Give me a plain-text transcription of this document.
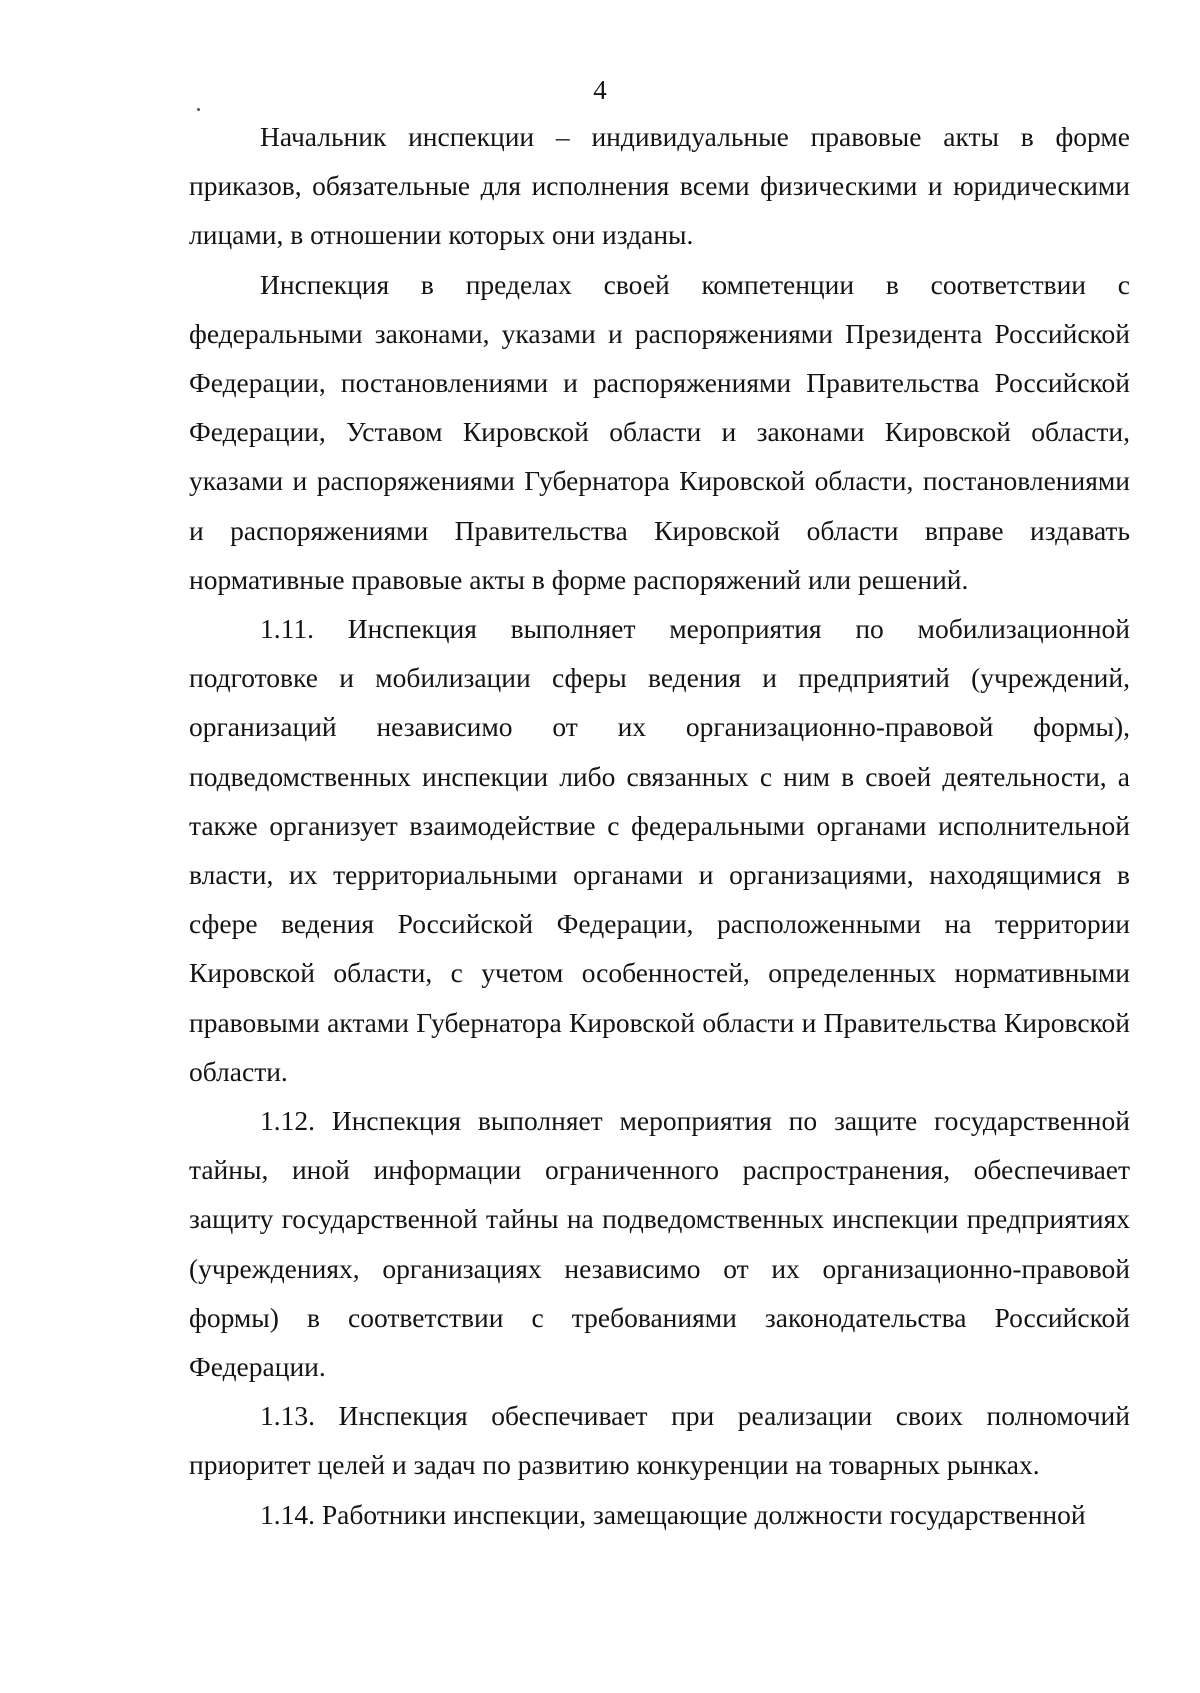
4

Начальник инспекции – индивидуальные правовые акты в форме приказов, обязательные для исполнения всеми физическими и юридическими лицами, в отношении которых они изданы.

Инспекция в пределах своей компетенции в соответствии с федеральными законами, указами и распоряжениями Президента Российской Федерации, постановлениями и распоряжениями Правительства Российской Федерации, Уставом Кировской области и законами Кировской области, указами и распоряжениями Губернатора Кировской области, постановлениями и распоряжениями Правительства Кировской области вправе издавать нормативные правовые акты в форме распоряжений или решений.

1.11. Инспекция выполняет мероприятия по мобилизационной подготовке и мобилизации сферы ведения и предприятий (учреждений, организаций независимо от их организационно-правовой формы), подведомственных инспекции либо связанных с ним в своей деятельности, а также организует взаимодействие с федеральными органами исполнительной власти, их территориальными органами и организациями, находящимися в сфере ведения Российской Федерации, расположенными на территории Кировской области, с учетом особенностей, определенных нормативными правовыми актами Губернатора Кировской области и Правительства Кировской области.

1.12. Инспекция выполняет мероприятия по защите государственной тайны, иной информации ограниченного распространения, обеспечивает защиту государственной тайны на подведомственных инспекции предприятиях (учреждениях, организациях независимо от их организационно-правовой формы) в соответствии с требованиями законодательства Российской Федерации.

1.13. Инспекция обеспечивает при реализации своих полномочий приоритет целей и задач по развитию конкуренции на товарных рынках.

1.14. Работники инспекции, замещающие должности государственной
